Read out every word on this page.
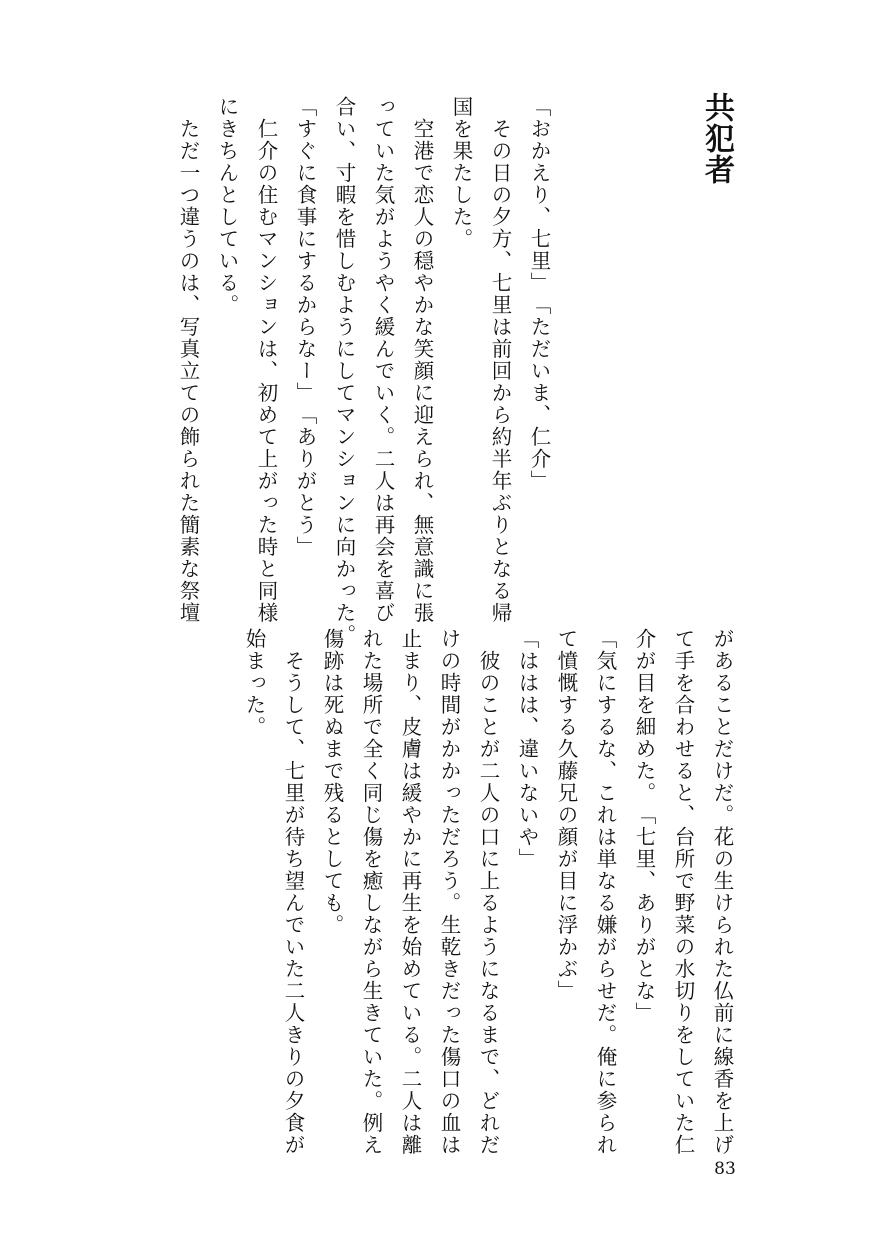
共犯者

「おかえり、七里」

「ただいま、仁介」

その日の夕方、七里は前回から約半年ぶりとなる帰

国を果たした。

空港で恋人の穏やかな笑顔に迎えられ、無意識に張

っていた気がようやく緩んでいく。二人は再会を喜び

合い、寸暇を惜しむようにしてマンションに向かった。

「すぐに食事にするからなー」

「ありがとう」

仁介の住むマンションは、初めて上がった時と同様

にきちんとしている。

ただ一つ違うのは、写真立ての飾られた簡素な祭壇

があることだけだ。花の生けられた仏前に線香を上げ

て手を合わせると、台所で野菜の水切りをしていた仁

介が目を細めた。

「七里、ありがとな」

「気にするな、これは単なる嫌がらせだ。俺に参られ

て憤慨する久藤兄の顔が目に浮かぶ」

「ははは、違いないや」

彼のことが二人の口に上るようになるまで、どれだ

けの時間がかかっただろう。生乾きだった傷口の血は

止まり、皮膚は緩やかに再生を始めている。二人は離

れた場所で全く同じ傷を癒しながら生きていた。例え

傷跡は死ぬまで残るとしても。

そうして、七里が待ち望んでいた二人きりの夕食が

始まった。

83
